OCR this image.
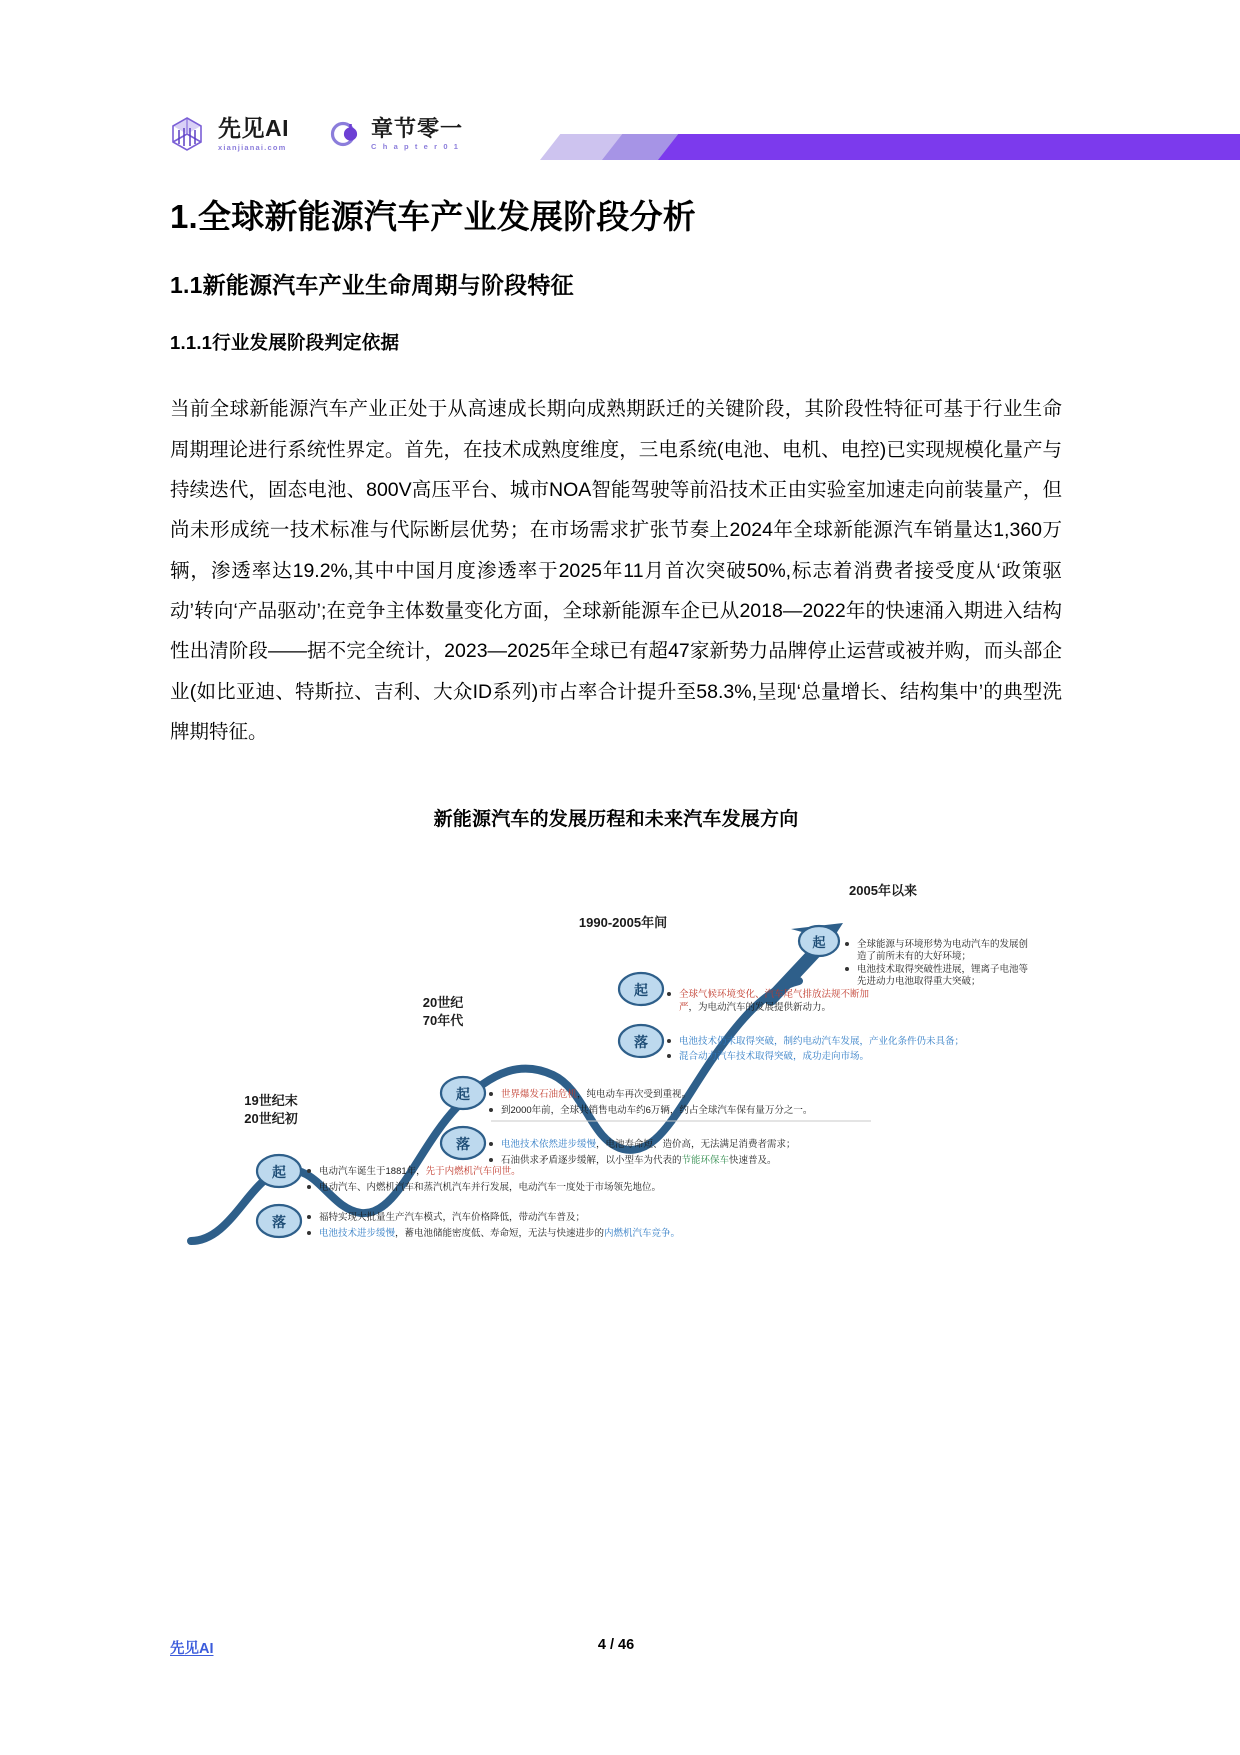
先见AI
xianjianai.com
章节零一
C h a p t e r 0 1
全球新能源汽车产业发展阶段研判与主流品牌竞争格局及战略分析
1.全球新能源汽车产业发展阶段分析
1.1新能源汽车产业生命周期与阶段特征
1.1.1行业发展阶段判定依据

当前全球新能源汽车产业正处于从高速成长期向成熟期跃迁的关键阶段，其阶段性特征可基于行业生命周期理论进行系统性界定。首先，在技术成熟度维度，三电系统(电池、电机、电控)已实现规模化量产与持续迭代，固态电池、800V高压平台、城市NOA智能驾驶等前沿技术正由实验室加速走向前装量产，但尚未形成统一技术标准与代际断层优势；在市场需求扩张节奏上2024年全球新能源汽车销量达1,360万辆，渗透率达19.2%,其中中国月度渗透率于2025年11月首次突破50%,标志着消费者接受度从‘政策驱动’转向‘产品驱动’;在竞争主体数量变化方面，全球新能源车企已从2018—2022年的快速涌入期进入结构性出清阶段——据不完全统计，2023—2025年全球已有超47家新势力品牌停止运营或被并购，而头部企业(如比亚迪、特斯拉、吉利、大众ID系列)市占率合计提升至58.3%,呈现‘总量增长、结构集中’的典型洗牌期特征。

新能源汽车的发展历程和未来汽车发展方向
19世纪末
20世纪初
20世纪
70年代
1990-2005年间
2005年以来
起
落
起
落
起
落
起	全球能源与环境形势为电动汽车的发展创
造了前所未有的大好环境；
电池技术取得突破性进展，锂离子电池等
先进动力电池取得重大突破；
全球气候环境变化、汽车尾气排放法规不断加
严，为电动汽车的发展提供新动力。
电池技术仍未取得突破，制约电动汽车发展，产业化条件仍未具备；
混合动力汽车技术取得突破，成功走向市场。
世界爆发石油危机，纯电动车再次受到重视。
到2000年前，全球共销售电动车约6万辆，约占全球汽车保有量万分之一。
电池技术依然进步缓慢，电池寿命短、造价高，无法满足消费者需求；
石油供求矛盾逐步缓解，以小型车为代表的节能环保车快速普及。
电动汽车诞生于1881年，先于内燃机汽车问世。
电动汽车、内燃机汽车和蒸汽机汽车并行发展，电动汽车一度处于市场领先地位。
福特实现大批量生产汽车模式，汽车价格降低，带动汽车普及；
电池技术进步缓慢，蓄电池储能密度低、寿命短，无法与快速进步的内燃机汽车竞争。
先见AI	4 / 46
